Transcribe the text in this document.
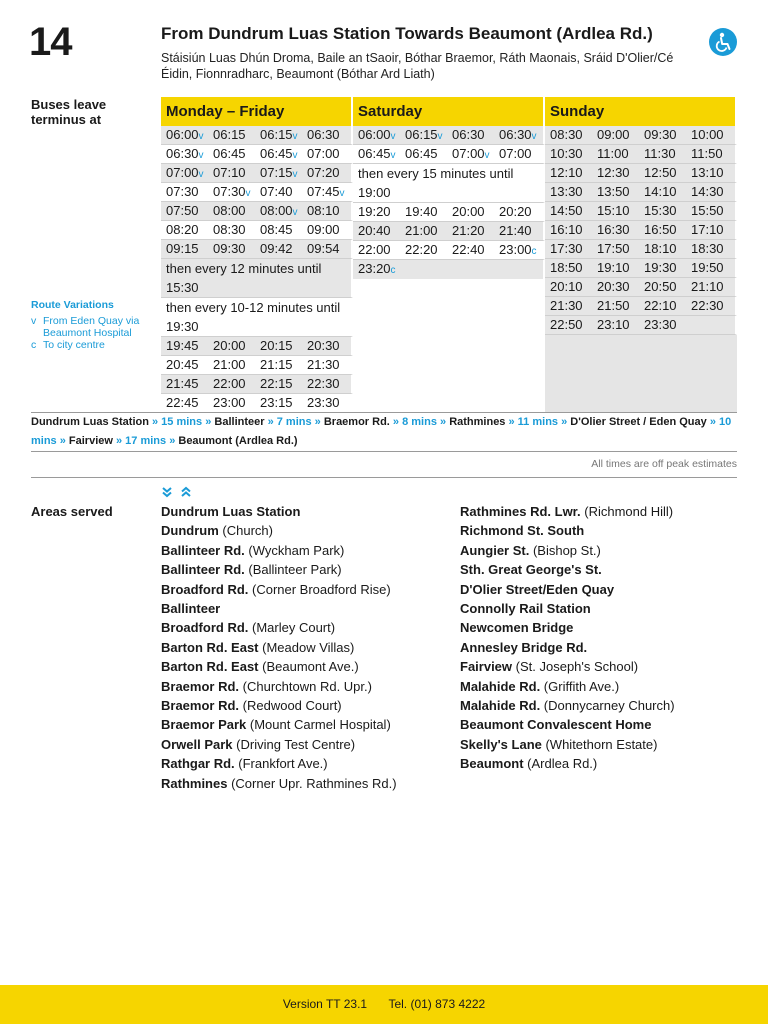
14	From Dundrum Luas Station Towards Beaumont (Ardlea Rd.)
Stáisiún Luas Dhún Droma, Baile an tSaoir, Bóthar Braemor, Ráth Maonais, Sráid D'Olier/Cé Éidin, Fionnradharc, Beaumont (Bóthar Ard Liath)
Buses leave terminus at
Route Variations
v From Eden Quay via Beaumont Hospital
c To city centre
Monday – Friday
06:00v 06:15	06:15v 06:30
06:30v 06:45	06:45v 07:00
07:00v 07:10	07:15v 07:20
07:30	07:30v 07:40	07:45v
07:50	08:00	08:00v 08:10
08:20	08:30	08:45	09:00
09:15	09:30	09:42	09:54
then every 12 minutes until 15:30
then every 10-12 minutes until 19:30
19:45	20:00	20:15	20:30
20:45	21:00	21:15	21:30
21:45	22:00	22:15	22:30
22:45	23:00	23:15	23:30
Saturday
06:00v 06:15v 06:30	06:30v
06:45v 06:45	07:00v 07:00
then every 15 minutes until 19:00
19:20	19:40	20:00	20:20
20:40	21:00	21:20	21:40
22:00	22:20	22:40	23:00c
23:20c
Sunday
08:30	09:00	09:30	10:00
10:30	11:00	11:30	11:50
12:10	12:30	12:50	13:10
13:30	13:50	14:10	14:30
14:50	15:10	15:30	15:50
16:10	16:30	16:50	17:10
17:30	17:50	18:10	18:30
18:50	19:10	19:30	19:50
20:10	20:30	20:50	21:10
21:30	21:50	22:10	22:30
22:50	23:10	23:30
Dundrum Luas Station » 15 mins » Ballinteer » 7 mins » Braemor Rd. » 8 mins » Rathmines » 11 mins » D'Olier Street / Eden Quay » 10 mins » Fairview » 17 mins » Beaumont (Ardlea Rd.)
All times are off peak estimates
Areas served	Dundrum Luas Station
Dundrum (Church)
Ballinteer Rd. (Wyckham Park)
Ballinteer Rd. (Ballinteer Park)
Broadford Rd. (Corner Broadford Rise)
Ballinteer
Broadford Rd. (Marley Court)
Barton Rd. East (Meadow Villas)
Barton Rd. East (Beaumont Ave.)
Braemor Rd. (Churchtown Rd. Upr.)
Braemor Rd. (Redwood Court)
Braemor Park (Mount Carmel Hospital)
Orwell Park (Driving Test Centre)
Rathgar Rd. (Frankfort Ave.)
Rathmines (Corner Upr. Rathmines Rd.)
Rathmines Rd. Lwr. (Richmond Hill)
Richmond St. South
Aungier St. (Bishop St.)
Sth. Great George's St.
D'Olier Street/Eden Quay
Connolly Rail Station
Newcomen Bridge
Annesley Bridge Rd.
Fairview (St. Joseph's School)
Malahide Rd. (Griffith Ave.)
Malahide Rd. (Donnycarney Church)
Beaumont Convalescent Home
Skelly's Lane (Whitethorn Estate)
Beaumont (Ardlea Rd.)
Version TT 23.1 Tel. (01) 873 4222
